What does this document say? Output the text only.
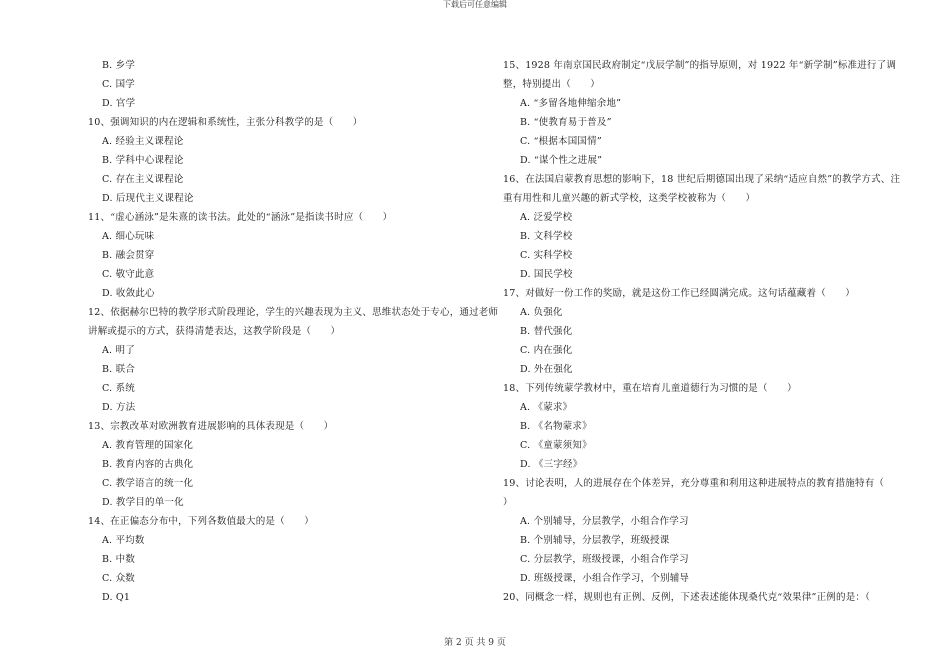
下载后可任意编辑
B. 乡学
C. 国学
D. 官学
10、强调知识的内在逻辑和系统性，主张分科教学的是（　　）
A. 经验主义课程论
B. 学科中心课程论
C. 存在主义课程论
D. 后现代主义课程论
11、“虚心涵泳”是朱熹的读书法。此处的“涵泳”是指读书时应（　　）
A. 细心玩味
B. 融会贯穿
C. 敬守此意
D. 收敛此心
12、依据赫尔巴特的教学形式阶段理论，学生的兴趣表现为主义、思维状态处于专心，通过老师
讲解或提示的方式，获得清楚表达，这教学阶段是（　　）
A. 明了
B. 联合
C. 系统
D. 方法
13、宗教改革对欧洲教育进展影响的具体表现是（　　）
A. 教育管理的国家化
B. 教育内容的古典化
C. 教学语言的统一化
D. 教学目的单一化
14、在正偏态分布中，下列各数值最大的是（　　）
A. 平均数
B. 中数
C. 众数
D. Q1
15、1928 年南京国民政府制定“戊辰学制”的指导原则，对 1922 年“新学制”标准进行了调
整，特别提出（　　）
A. “多留各地伸缩余地”
B. “使教育易于普及”
C. “根据本国国情”
D. “谋个性之进展”
16、在法国启蒙教育思想的影响下，18 世纪后期德国出现了采纳“适应自然”的教学方式、注
重有用性和儿童兴趣的新式学校，这类学校被称为（　　）
A. 泛爱学校
B. 文科学校
C. 实科学校
D. 国民学校
17、对做好一份工作的奖励，就是这份工作已经圆满完成。这句话蕴藏着（　　）
A. 负强化
B. 替代强化
C. 内在强化
D. 外在强化
18、下列传统蒙学教材中，重在培育儿童道德行为习惯的是（　　）
A. 《蒙求》
B. 《名物蒙求》
C. 《童蒙须知》
D. 《三字经》
19、讨论表明，人的进展存在个体差异，充分尊重和利用这种进展特点的教育措施特有（
）
A. 个别辅导，分层教学，小组合作学习
B. 个别辅导，分层教学，班级授课
C. 分层教学，班级授课，小组合作学习
D. 班级授课，小组合作学习，个别辅导
20、同概念一样，规则也有正例、反例，下述表述能体现桑代克“效果律”正例的是：（
第 2 页 共 9 页
